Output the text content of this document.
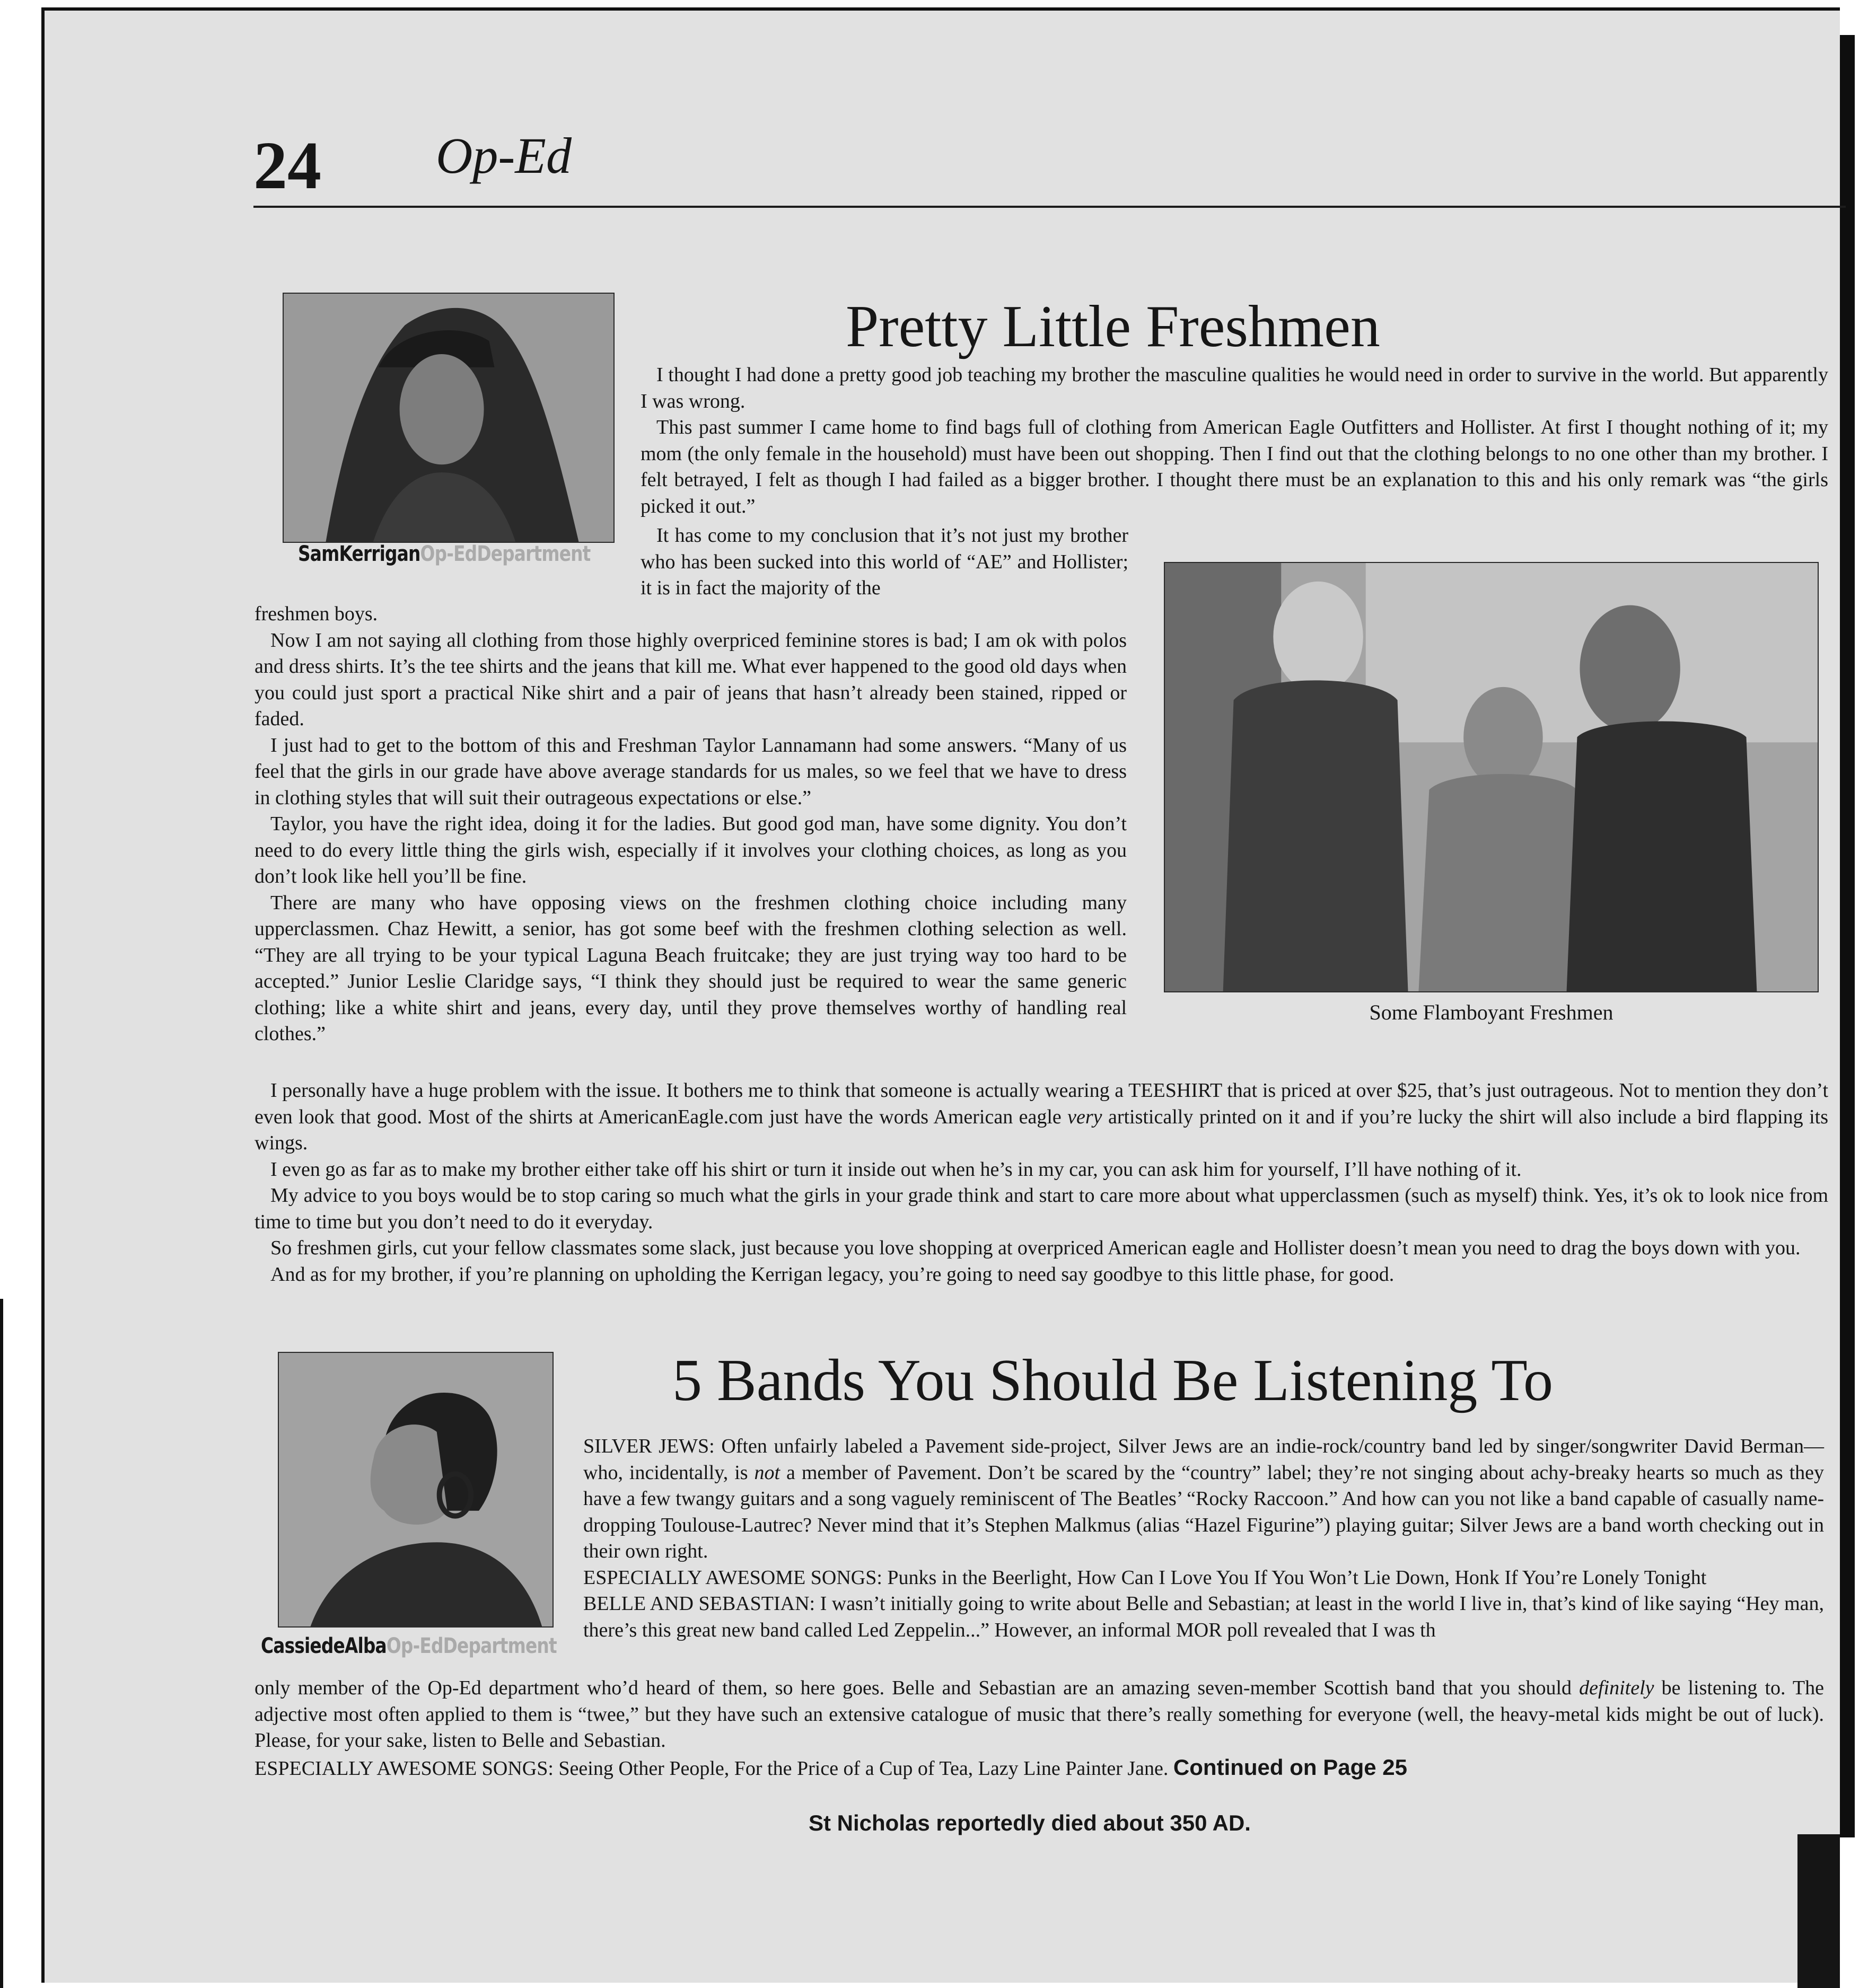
24 Op-Ed
SamKerriganOp-EdDepartment
Pretty Little Freshmen

I thought I had done a pretty good job teaching my brother the masculine qualities he would need in order to survive in the world. But apparently I was wrong.

This past summer I came home to find bags full of clothing from American Eagle Outfitters and Hollister. At first I thought nothing of it; my mom (the only female in the household) must have been out shopping. Then I find out that the clothing belongs to no one other than my brother. I felt betrayed, I felt as though I had failed as a bigger brother. I thought there must be an explanation to this and his only remark was “the girls picked it out.”

It has come to my conclusion that it’s not just my brother who has been sucked into this world of “AE” and Hollister; it is in fact the majority of the

Some Flamboyant Freshmen

freshmen boys.

Now I am not saying all clothing from those highly overpriced feminine stores is bad; I am ok with polos and dress shirts. It’s the tee shirts and the jeans that kill me. What ever happened to the good old days when you could just sport a practical Nike shirt and a pair of jeans that hasn’t already been stained, ripped or faded.

I just had to get to the bottom of this and Freshman Taylor Lannamann had some answers. “Many of us feel that the girls in our grade have above average standards for us males, so we feel that we have to dress in clothing styles that will suit their outrageous expectations or else.”

Taylor, you have the right idea, doing it for the ladies. But good god man, have some dignity. You don’t need to do every little thing the girls wish, especially if it involves your clothing choices, as long as you don’t look like hell you’ll be fine.

There are many who have opposing views on the freshmen clothing choice including many upperclassmen. Chaz Hewitt, a senior, has got some beef with the freshmen clothing selection as well. “They are all trying to be your typical Laguna Beach fruitcake; they are just trying way too hard to be accepted.” Junior Leslie Claridge says, “I think they should just be required to wear the same generic clothing; like a white shirt and jeans, every day, until they prove themselves worthy of handling real clothes.”

I personally have a huge problem with the issue. It bothers me to think that someone is actually wearing a TEESHIRT that is priced at over $25, that’s just outrageous. Not to mention they don’t even look that good. Most of the shirts at AmericanEagle.com just have the words American eagle very artistically printed on it and if you’re lucky the shirt will also include a bird flapping its wings.

I even go as far as to make my brother either take off his shirt or turn it inside out when he’s in my car, you can ask him for yourself, I’ll have nothing of it.

My advice to you boys would be to stop caring so much what the girls in your grade think and start to care more about what upperclassmen (such as myself) think. Yes, it’s ok to look nice from time to time but you don’t need to do it everyday.

So freshmen girls, cut your fellow classmates some slack, just because you love shopping at overpriced American eagle and Hollister doesn’t mean you need to drag the boys down with you.

And as for my brother, if you’re planning on upholding the Kerrigan legacy, you’re going to need say goodbye to this little phase, for good.

CassiedeAlbaOp-EdDepartment
5 Bands You Should Be Listening To

SILVER JEWS: Often unfairly labeled a Pavement side-project, Silver Jews are an indie-rock/country band led by singer/songwriter David Berman—who, incidentally, is not a member of Pavement. Don’t be scared by the “country” label; they’re not singing about achy-breaky hearts so much as they have a few twangy guitars and a song vaguely reminiscent of The Beatles’ “Rocky Raccoon.” And how can you not like a band capable of casually name-dropping Toulouse-Lautrec? Never mind that it’s Stephen Malkmus (alias “Hazel Figurine”) playing guitar; Silver Jews are a band worth checking out in their own right.

ESPECIALLY AWESOME SONGS: Punks in the Beerlight, How Can I Love You If You Won’t Lie Down, Honk If You’re Lonely Tonight

BELLE AND SEBASTIAN: I wasn’t initially going to write about Belle and Sebastian; at least in the world I live in, that’s kind of like saying “Hey man, there’s this great new band called Led Zeppelin...” However, an informal MOR poll revealed that I was th

only member of the Op-Ed department who’d heard of them, so here goes. Belle and Sebastian are an amazing seven-member Scottish band that you should definitely be listening to. The adjective most often applied to them is “twee,” but they have such an extensive catalogue of music that there’s really something for everyone (well, the heavy-metal kids might be out of luck). Please, for your sake, listen to Belle and Sebastian.

ESPECIALLY AWESOME SONGS: Seeing Other People, For the Price of a Cup of Tea, Lazy Line Painter Jane. Continued on Page 25

St Nicholas reportedly died about 350 AD.
